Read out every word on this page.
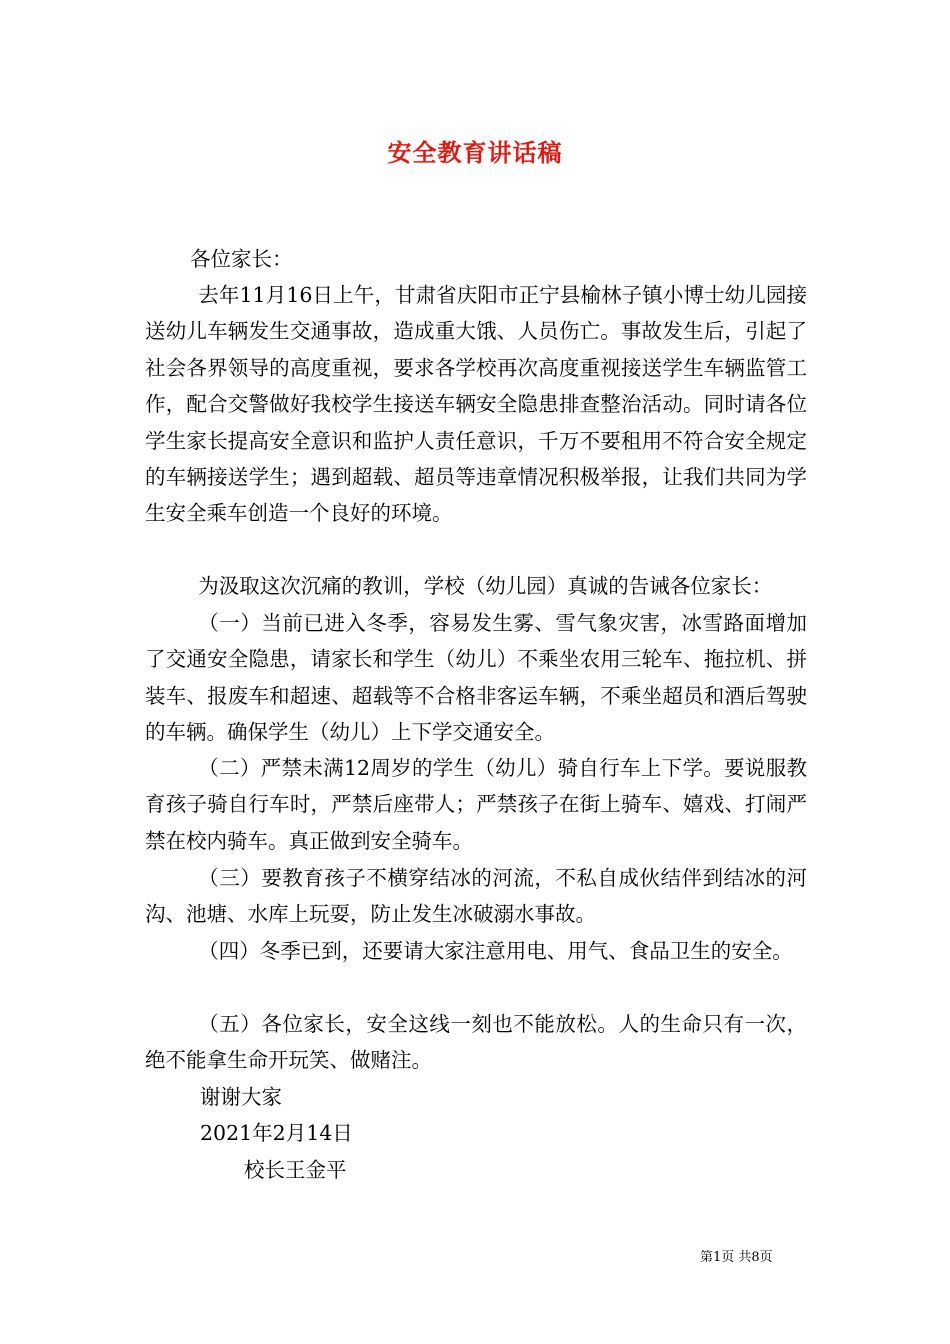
安全教育讲话稿
各位家长：

去年11月16日上午，甘肃省庆阳市正宁县榆林子镇小博士幼儿园接送幼儿车辆发生交通事故，造成重大饿、人员伤亡。事故发生后，引起了社会各界领导的高度重视，要求各学校再次高度重视接送学生车辆监管工作，配合交警做好我校学生接送车辆安全隐患排查整治活动。同时请各位学生家长提高安全意识和监护人责任意识，千万不要租用不符合安全规定的车辆接送学生；遇到超载、超员等违章情况积极举报，让我们共同为学生安全乘车创造一个良好的环境。

为汲取这次沉痛的教训，学校（幼儿园）真诚的告诫各位家长：

（一）当前已进入冬季，容易发生雾、雪气象灾害，冰雪路面增加了交通安全隐患，请家长和学生（幼儿）不乘坐农用三轮车、拖拉机、拼装车、报废车和超速、超载等不合格非客运车辆，不乘坐超员和酒后驾驶的车辆。确保学生（幼儿）上下学交通安全。

（二）严禁未满12周岁的学生（幼儿）骑自行车上下学。要说服教育孩子骑自行车时，严禁后座带人；严禁孩子在街上骑车、嬉戏、打闹严禁在校内骑车。真正做到安全骑车。

（三）要教育孩子不横穿结冰的河流，不私自成伙结伴到结冰的河沟、池塘、水库上玩耍，防止发生冰破溺水事故。

（四）冬季已到，还要请大家注意用电、用气、食品卫生的安全。

（五）各位家长，安全这线一刻也不能放松。人的生命只有一次，绝不能拿生命开玩笑、做赌注。

谢谢大家
2021年2月14日
校长王金平
第1页 共8页
